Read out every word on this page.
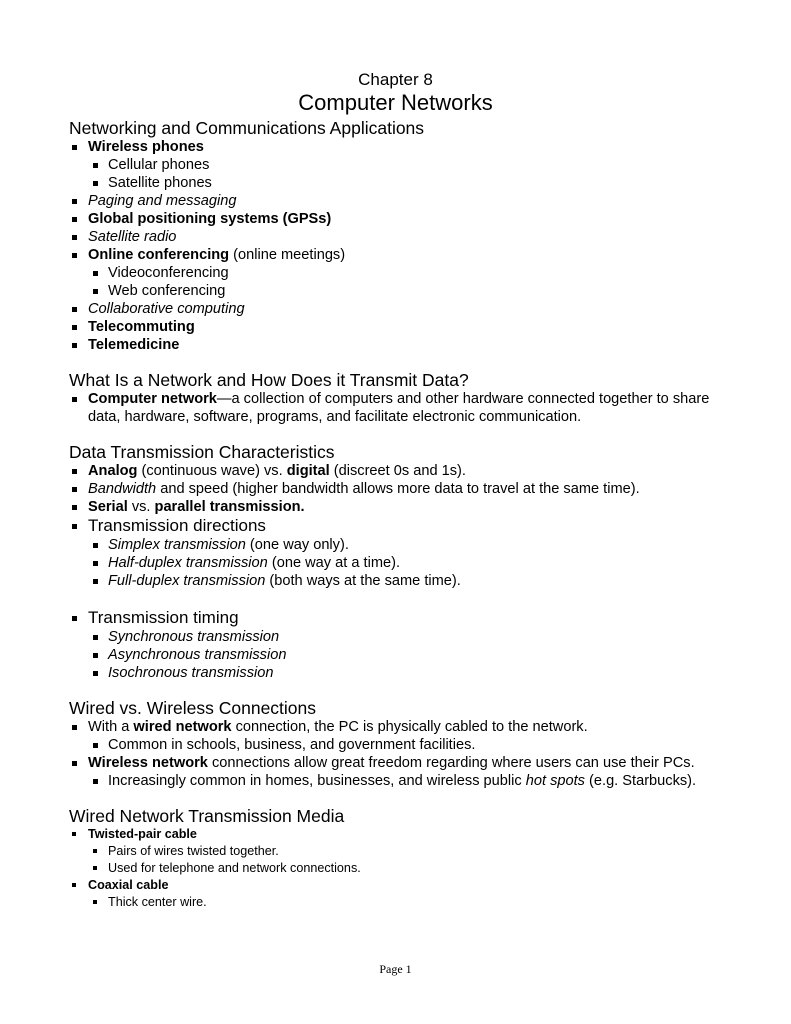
Chapter 8
Computer Networks
Networking and Communications Applications
Wireless phones
Cellular phones
Satellite phones
Paging and messaging
Global positioning systems (GPSs)
Satellite radio
Online conferencing (online meetings)
Videoconferencing
Web conferencing
Collaborative computing
Telecommuting
Telemedicine
What Is a Network and How Does it Transmit Data?
Computer network—a collection of computers and other hardware connected together to share data, hardware, software, programs, and facilitate electronic communication.
Data Transmission Characteristics
Analog (continuous wave) vs. digital (discreet 0s and 1s).
Bandwidth and speed (higher bandwidth allows more data to travel at the same time).
Serial vs. parallel transmission.
Transmission directions
Simplex transmission (one way only).
Half-duplex transmission (one way at a time).
Full-duplex transmission (both ways at the same time).
Transmission timing
Synchronous transmission
Asynchronous transmission
Isochronous transmission
Wired vs. Wireless Connections
With a wired network connection, the PC is physically cabled to the network.
Common in schools, business, and government facilities.
Wireless network connections allow great freedom regarding where users can use their PCs.
Increasingly common in homes, businesses, and wireless public hot spots (e.g. Starbucks).
Wired Network Transmission Media
Twisted-pair cable
Pairs of wires twisted together.
Used for telephone and network connections.
Coaxial cable
Thick center wire.
Page 1
